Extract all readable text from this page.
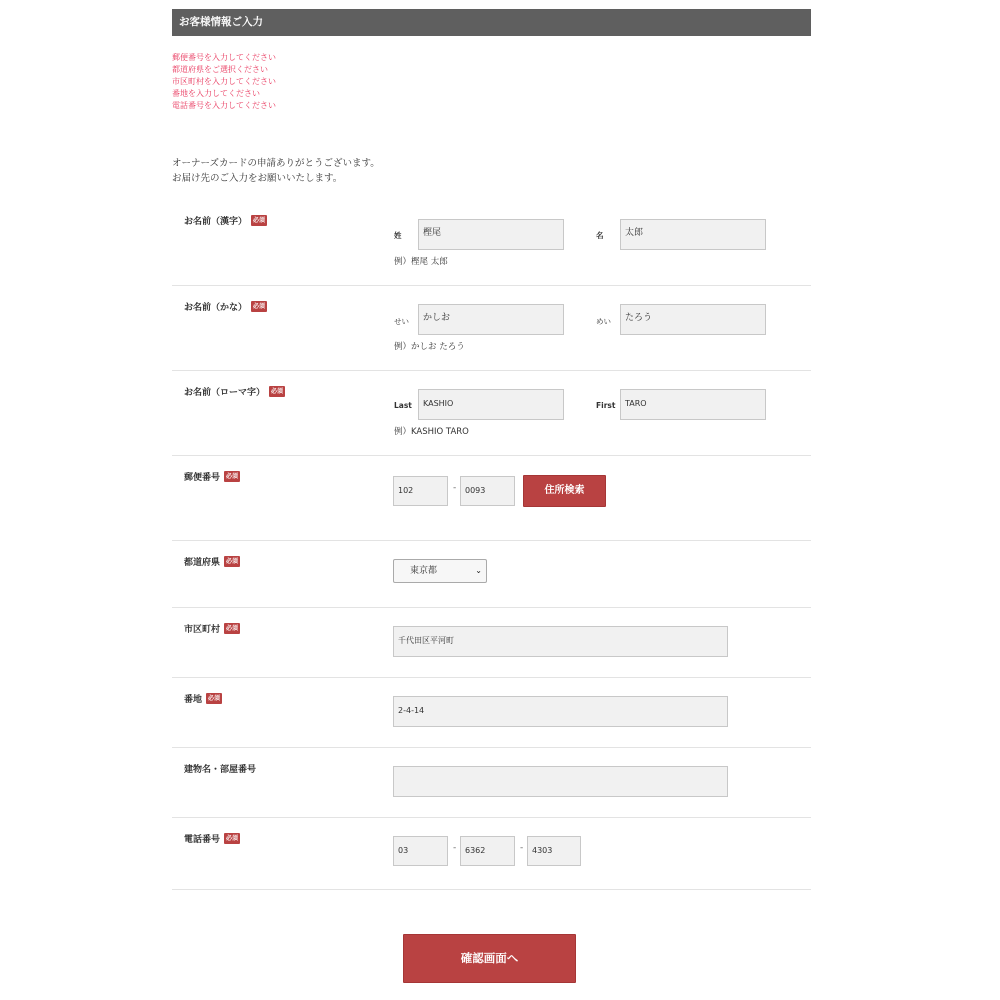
お客様情報ご入力
郵便番号を入力してください
都道府県をご選択ください
市区町村を入力してください
番地を入力してください
電話番号を入力してください
オーナーズカードの申請ありがとうございます。
お届け先のご入力をお願いいたします。
お名前（漢字）	必須
姓	樫尾	名	太郎
例）樫尾 太郎
お名前（かな）	必須
せい	かしお	めい	たろう
例）かしお たろう
お名前（ローマ字）	必須
Last	KASHIO	First	TARO
例）KASHIO TARO
郵便番号	必須
102	-	0093	住所検索
都道府県	必須
東京都	⌄
市区町村	必須
千代田区平河町
番地	必須
2-4-14
建物名・部屋番号
電話番号	必須
03	-	6362	-	4303
確認画面へ
